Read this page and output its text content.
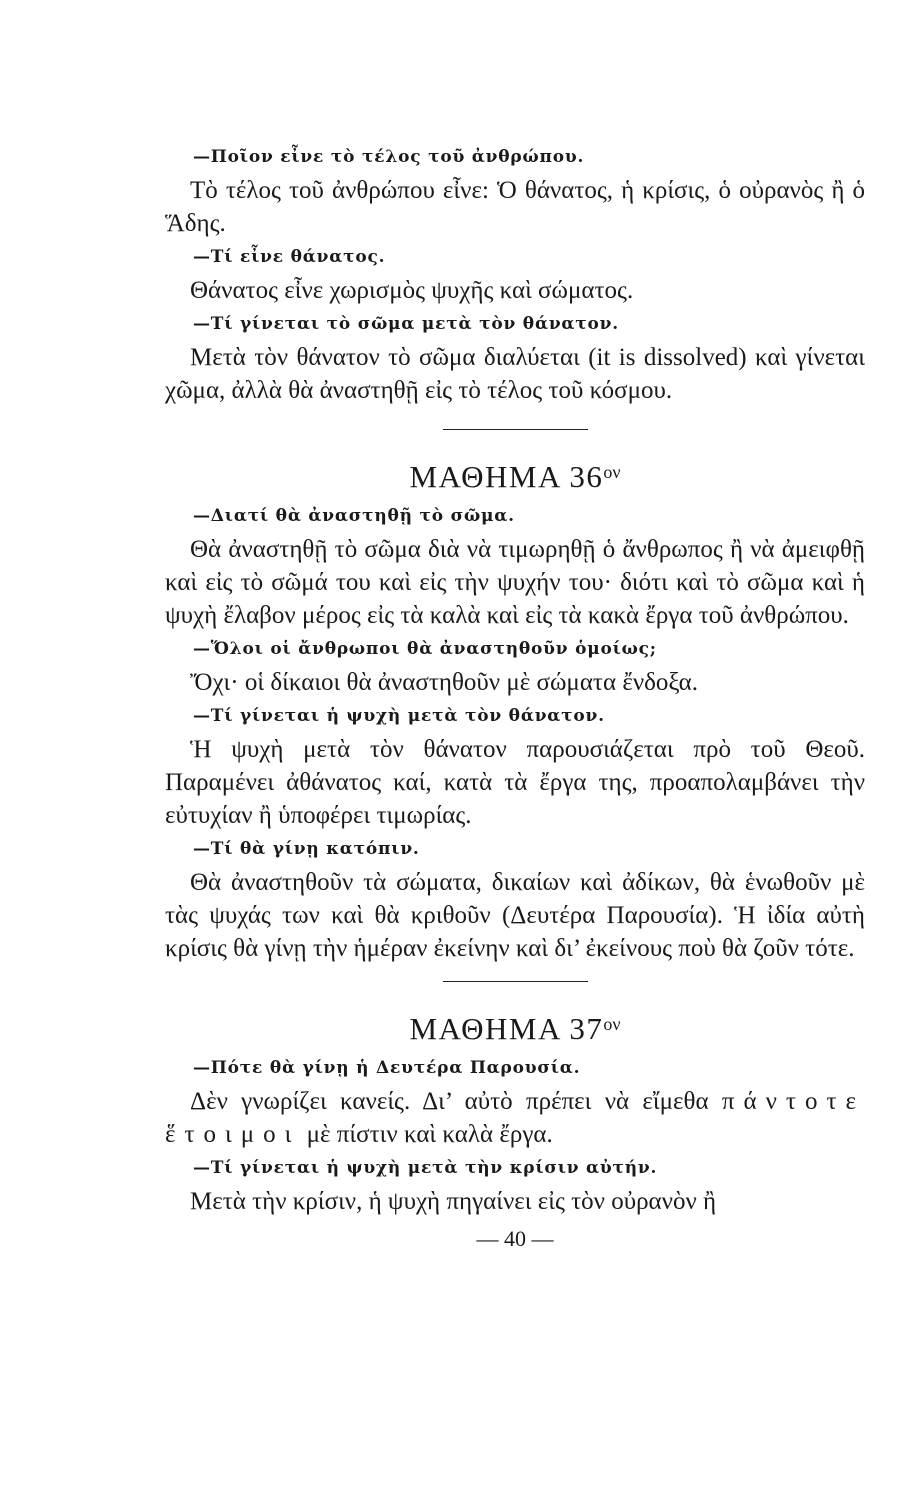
—Ποῖον εἶνε τὸ τέλος τοῦ ἀνθρώπου.

Τὸ τέλος τοῦ ἀνθρώπου εἶνε: Ὁ θάνατος, ἡ κρίσις, ὁ οὐρανὸς ἢ ὁ Ἅδης.

—Τί εἶνε θάνατος.

Θάνατος εἶνε χωρισμὸς ψυχῆς καὶ σώματος.

—Τί γίνεται τὸ σῶμα μετὰ τὸν θάνατον.

Μετὰ τὸν θάνατον τὸ σῶμα διαλύεται (it is dissolved) καὶ γίνεται χῶμα, ἀλλὰ θὰ ἀναστηθῇ εἰς τὸ τέλος τοῦ κόσμου.

ΜΑΘΗΜΑ $36^{o\nu}$

—Διατί θὰ ἀναστηθῇ τὸ σῶμα.

Θὰ ἀναστηθῇ τὸ σῶμα διὰ νὰ τιμωρηθῇ ὁ ἄνθρωπος ἢ νὰ ἀμειφθῇ καὶ εἰς τὸ σῶμά του καὶ εἰς τὴν ψυχήν του· διότι καὶ τὸ σῶμα καὶ ἡ ψυχὴ ἔλαβον μέρος εἰς τὰ καλὰ καὶ εἰς τὰ κακὰ ἔργα τοῦ ἀνθρώπου.

—Ὅλοι οἱ ἄνθρωποι θὰ ἀναστηθοῦν ὁμοίως;

Ὄχι· οἱ δίκαιοι θὰ ἀναστηθοῦν μὲ σώματα ἔνδοξα.

—Τί γίνεται ἡ ψυχὴ μετὰ τὸν θάνατον.

Ἡ ψυχὴ μετὰ τὸν θάνατον παρουσιάζεται πρὸ τοῦ Θεοῦ. Παραμένει ἀθάνατος καί, κατὰ τὰ ἔργα της, προαπολαμβάνει τὴν εὐτυχίαν ἢ ὑποφέρει τιμωρίας.

—Τί θὰ γίνῃ κατόπιν.

Θὰ ἀναστηθοῦν τὰ σώματα, δικαίων καὶ ἀδίκων, θὰ ἑνωθοῦν μὲ τὰς ψυχάς των καὶ θὰ κριθοῦν (Δευτέρα Παρουσία). Ἡ ἰδία αὐτὴ κρίσις θὰ γίνῃ τὴν ἡμέραν ἐκείνην καὶ δι’ ἐκείνους ποὺ θὰ ζοῦν τότε.

ΜΑΘΗΜΑ $37^{o\nu}$

—Πότε θὰ γίνῃ ἡ Δευτέρα Παρουσία.

Δὲν γνωρίζει κανείς. Δι’ αὐτὸ πρέπει νὰ εἴμεθα πάντοτε ἕτοιμοι μὲ πίστιν καὶ καλὰ ἔργα.

—Τί γίνεται ἡ ψυχὴ μετὰ τὴν κρίσιν αὐτήν.

Μετὰ τὴν κρίσιν, ἡ ψυχὴ πηγαίνει εἰς τὸν οὐρανὸν ἢ

— 40 —
